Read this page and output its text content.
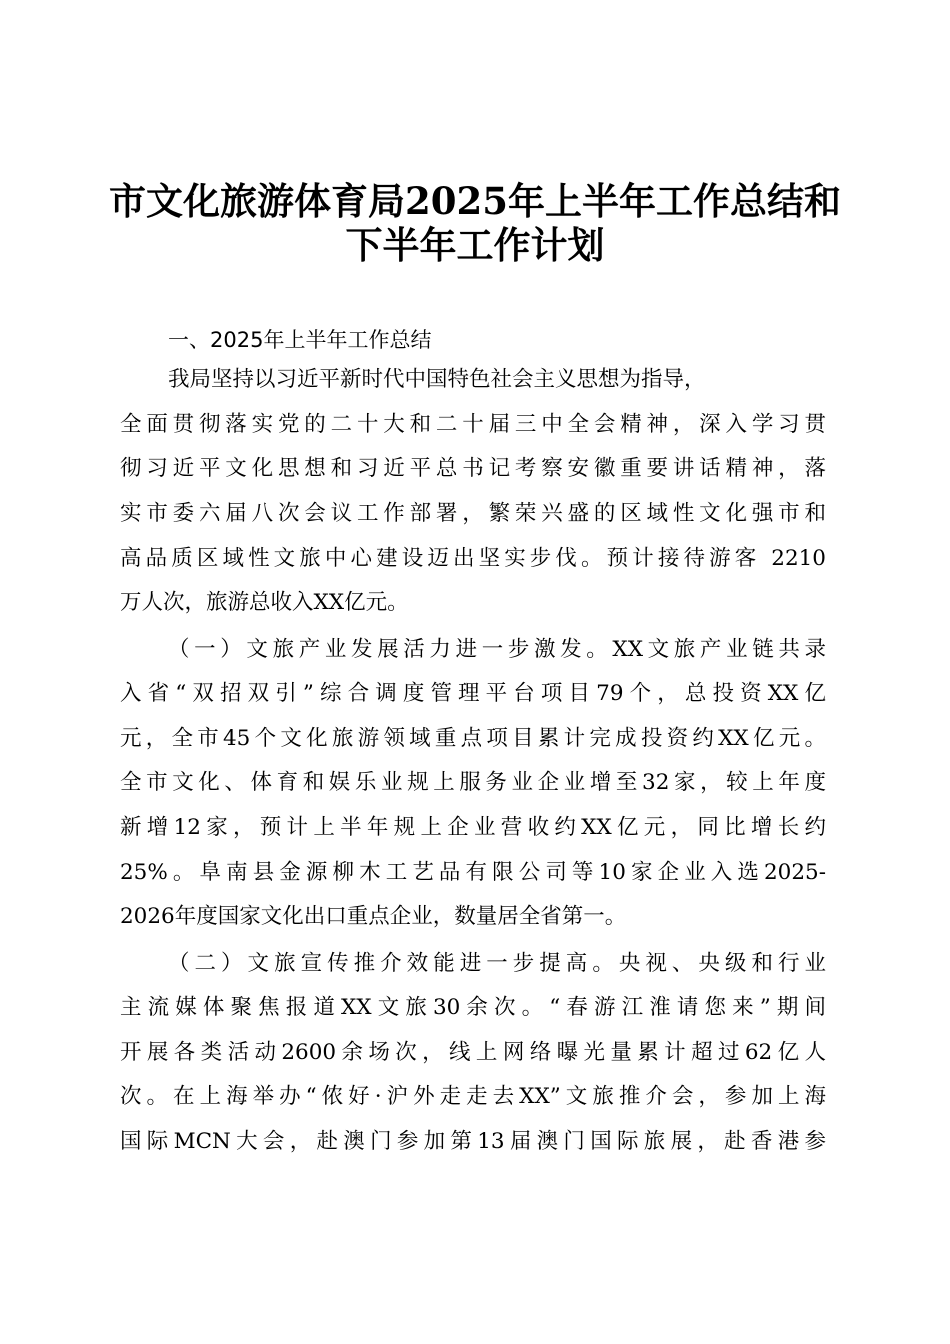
市文化旅游体育局2025年上半年工作总结和
下半年工作计划
一、2025年上半年工作总结
我局坚持以习近平新时代中国特色社会主义思想为指导，
全面贯彻落实党的二十大和二十届三中全会精神，深入学习贯
彻习近平文化思想和习近平总书记考察安徽重要讲话精神，落
实市委六届八次会议工作部署，繁荣兴盛的区域性文化强市和
高品质区域性文旅中心建设迈出坚实步伐。预计接待游客 2210
万人次，旅游总收入XX亿元。
（一）文旅产业发展活力进一步激发。XX文旅产业链共录
入省“双招双引”综合调度管理平台项目79个，总投资XX亿
元，全市45个文化旅游领域重点项目累计完成投资约XX亿元。
全市文化、体育和娱乐业规上服务业企业增至32家，较上年度
新增12家，预计上半年规上企业营收约XX亿元，同比增长约
25%。阜南县金源柳木工艺品有限公司等10家企业入选2025-
2026年度国家文化出口重点企业，数量居全省第一。
（二）文旅宣传推介效能进一步提高。央视、央级和行业
主流媒体聚焦报道XX文旅30余次。“春游江淮请您来”期间
开展各类活动2600余场次，线上网络曝光量累计超过62亿人
次。在上海举办“侬好·沪外走走去XX”文旅推介会，参加上海
国际MCN大会，赴澳门参加第13届澳门国际旅展，赴香港参
